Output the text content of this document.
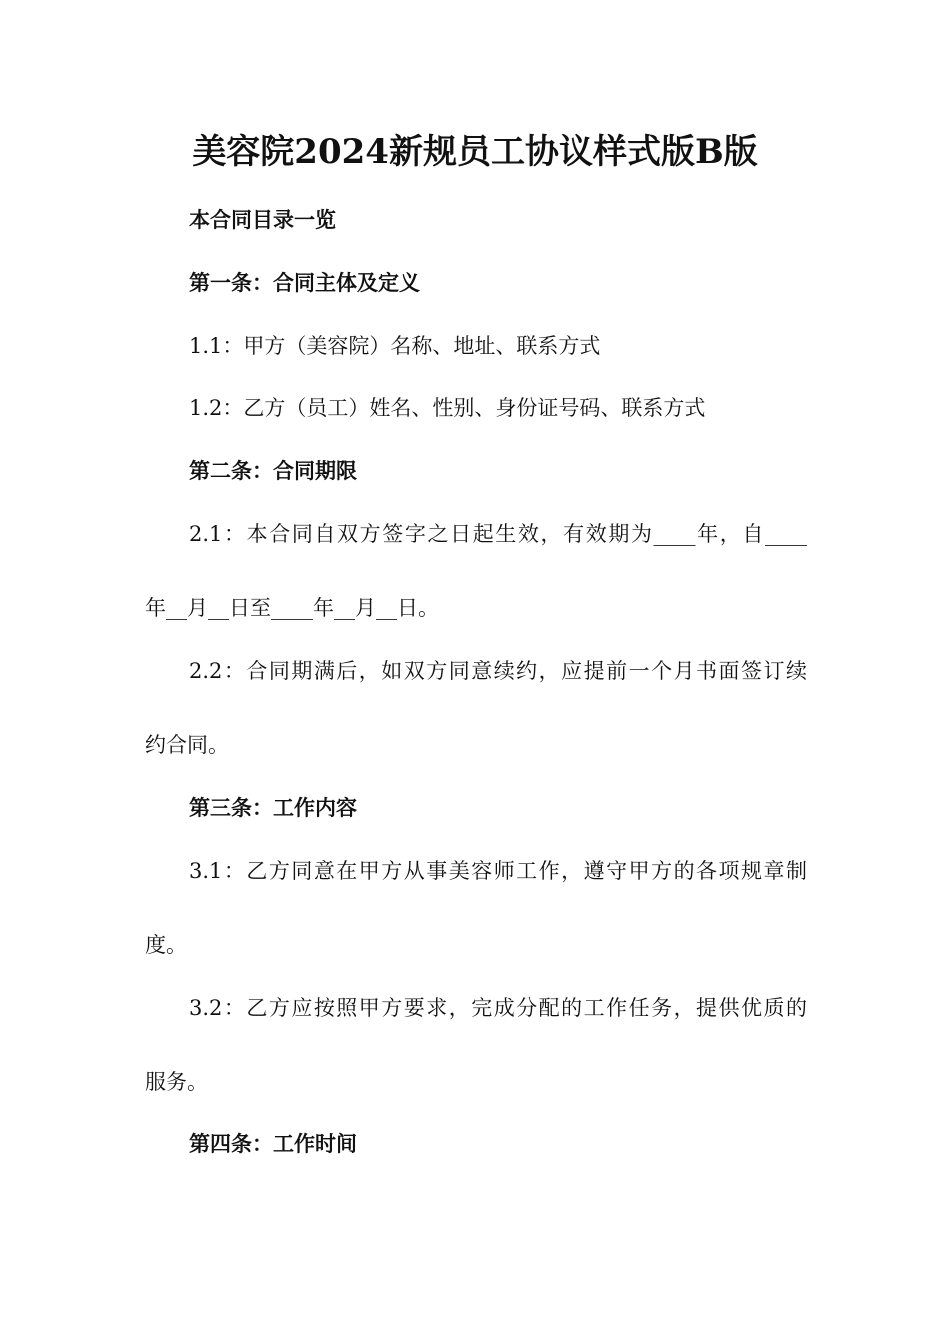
美容院2024新规员工协议样式版B版
本合同目录一览
第一条：合同主体及定义
1.1：甲方（美容院）名称、地址、联系方式
1.2：乙方（员工）姓名、性别、身份证号码、联系方式
第二条：合同期限
2.1：本合同自双方签字之日起生效，有效期为____年，自____
年__月__日至____年__月__日。
2.2：合同期满后，如双方同意续约，应提前一个月书面签订续
约合同。
第三条：工作内容
3.1：乙方同意在甲方从事美容师工作，遵守甲方的各项规章制
度。
3.2：乙方应按照甲方要求，完成分配的工作任务，提供优质的
服务。
第四条：工作时间
